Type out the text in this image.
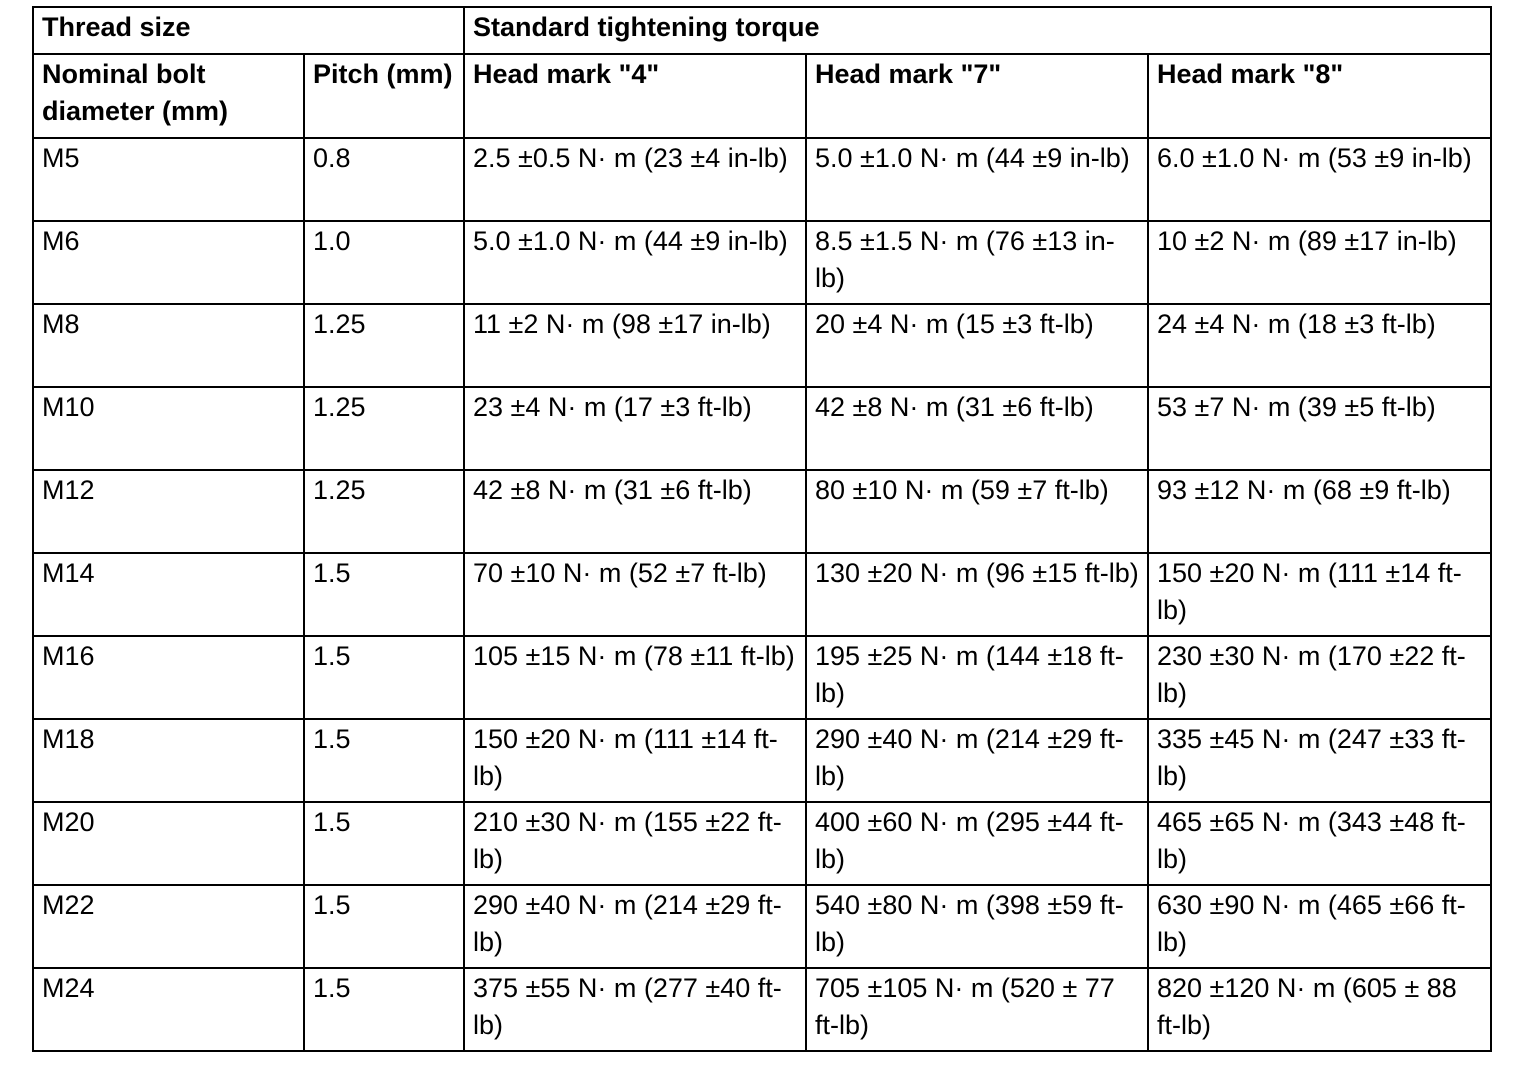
Thread size		Standard tightening torque		
Nominal bolt diameter (mm)	Pitch (mm)	Head mark "4"	Head mark "7"	Head mark "8"
M5	0.8	2.5 ±0.5 N· m (23 ±4 in-lb)	5.0 ±1.0 N· m (44 ±9 in-lb)	6.0 ±1.0 N· m (53 ±9 in-lb)
M6	1.0	5.0 ±1.0 N· m (44 ±9 in-lb)	8.5 ±1.5 N· m (76 ±13 in-lb)	10 ±2 N· m (89 ±17 in-lb)
M8	1.25	11 ±2 N· m (98 ±17 in-lb)	20 ±4 N· m (15 ±3 ft-lb)	24 ±4 N· m (18 ±3 ft-lb)
M10	1.25	23 ±4 N· m (17 ±3 ft-lb)	42 ±8 N· m (31 ±6 ft-lb)	53 ±7 N· m (39 ±5 ft-lb)
M12	1.25	42 ±8 N· m (31 ±6 ft-lb)	80 ±10 N· m (59 ±7 ft-lb)	93 ±12 N· m (68 ±9 ft-lb)
M14	1.5	70 ±10 N· m (52 ±7 ft-lb)	130 ±20 N· m (96 ±15 ft-lb)	150 ±20 N· m (111 ±14 ft-lb)
M16	1.5	105 ±15 N· m (78 ±11 ft-lb)	195 ±25 N· m (144 ±18 ft-lb)	230 ±30 N· m (170 ±22 ft-lb)
M18	1.5	150 ±20 N· m (111 ±14 ft-lb)	290 ±40 N· m (214 ±29 ft-lb)	335 ±45 N· m (247 ±33 ft-lb)
M20	1.5	210 ±30 N· m (155 ±22 ft-lb)	400 ±60 N· m (295 ±44 ft-lb)	465 ±65 N· m (343 ±48 ft-lb)
M22	1.5	290 ±40 N· m (214 ±29 ft-lb)	540 ±80 N· m (398 ±59 ft-lb)	630 ±90 N· m (465 ±66 ft-lb)
M24	1.5	375 ±55 N· m (277 ±40 ft-lb)	705 ±105 N· m (520 ± 77 ft-lb)	820 ±120 N· m (605 ± 88 ft-lb)
